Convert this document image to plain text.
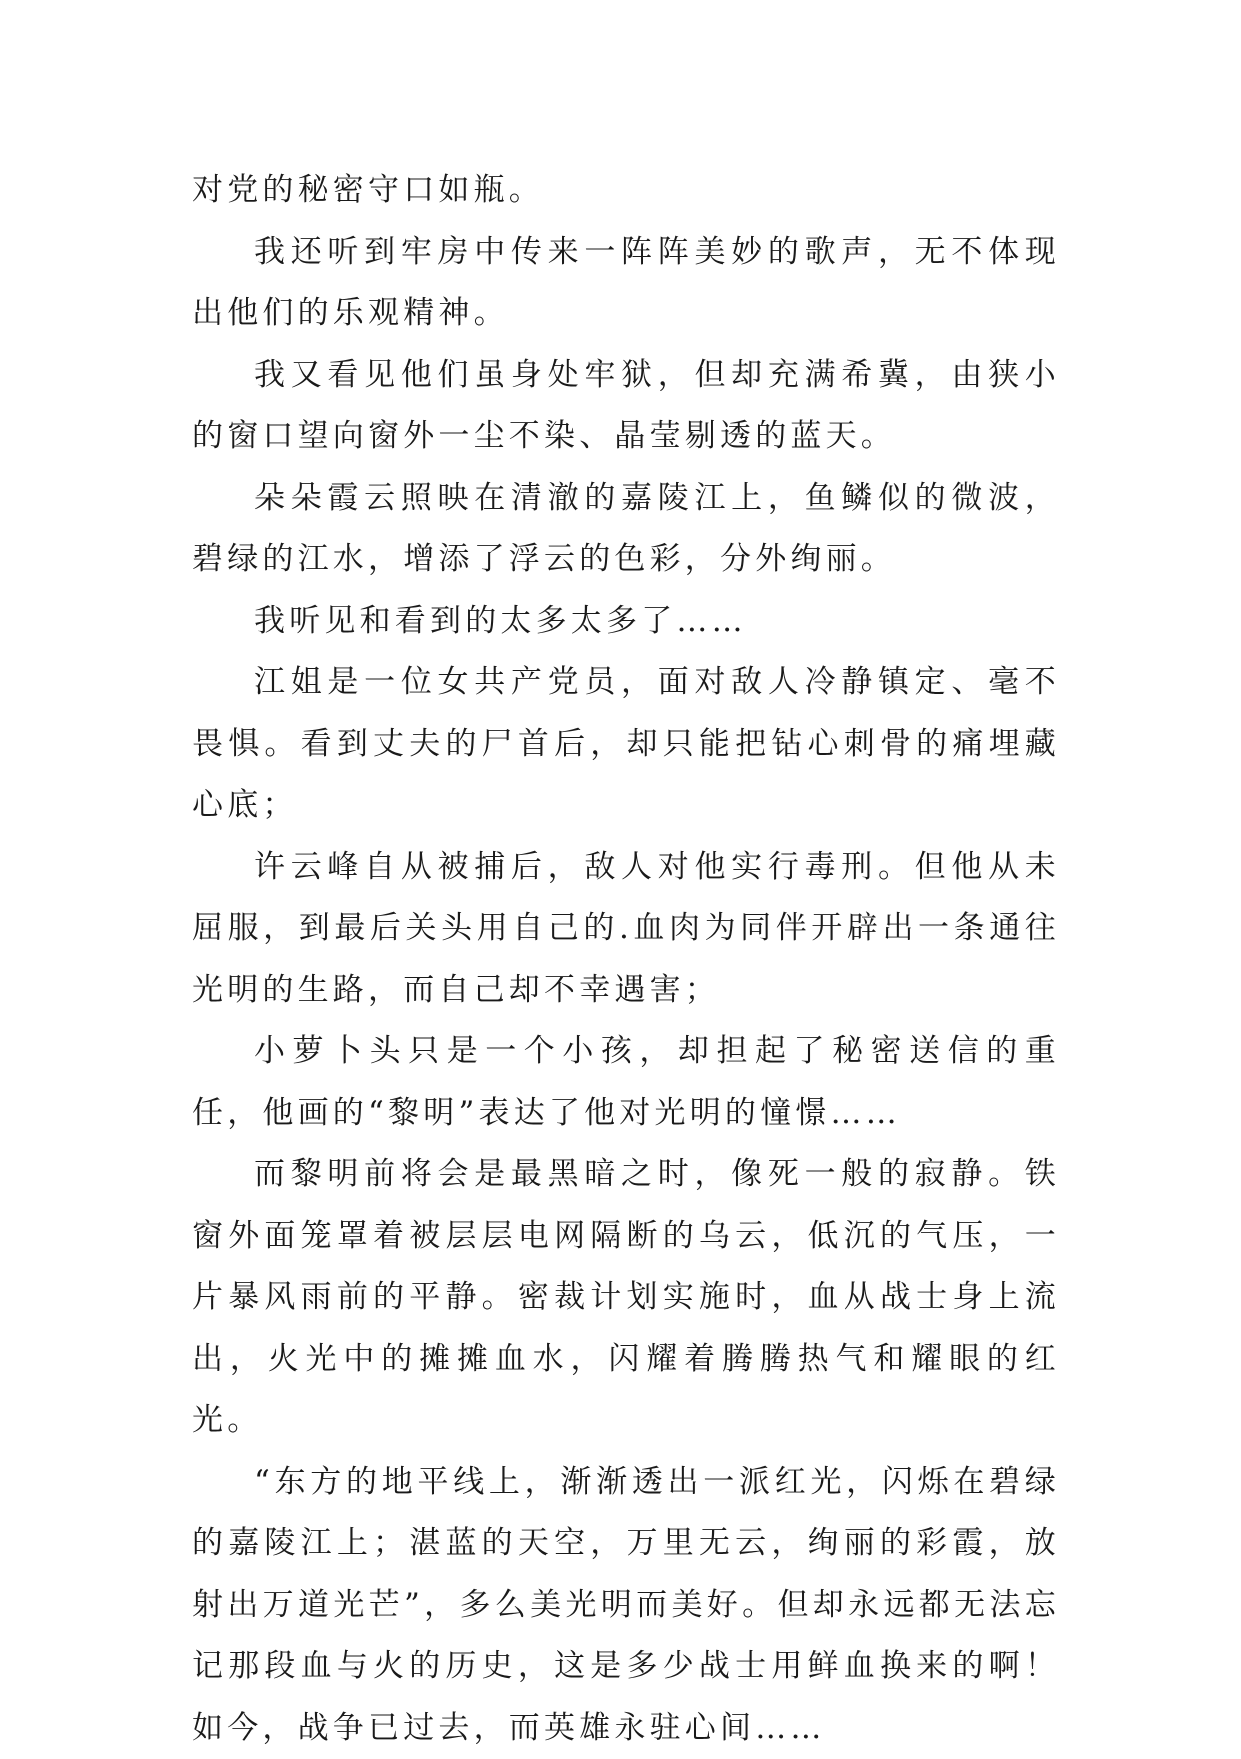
对党的秘密守口如瓶。

我还听到牢房中传来一阵阵美妙的歌声，无不体现出他们的乐观精神。

我又看见他们虽身处牢狱，但却充满希冀，由狭小的窗口望向窗外一尘不染、晶莹剔透的蓝天。

朵朵霞云照映在清澈的嘉陵江上，鱼鳞似的微波，碧绿的江水，增添了浮云的色彩，分外绚丽。

我听见和看到的太多太多了……

江姐是一位女共产党员，面对敌人冷静镇定、毫不畏惧。看到丈夫的尸首后，却只能把钻心刺骨的痛埋藏心底；

许云峰自从被捕后，敌人对他实行毒刑。但他从未屈服，到最后关头用自己的.血肉为同伴开辟出一条通往光明的生路，而自己却不幸遇害；

小萝卜头只是一个小孩，却担起了秘密送信的重任，他画的“黎明”表达了他对光明的憧憬……

而黎明前将会是最黑暗之时，像死一般的寂静。铁窗外面笼罩着被层层电网隔断的乌云，低沉的气压，一片暴风雨前的平静。密裁计划实施时，血从战士身上流出，火光中的摊摊血水，闪耀着腾腾热气和耀眼的红光。

“东方的地平线上，渐渐透出一派红光，闪烁在碧绿的嘉陵江上；湛蓝的天空，万里无云，绚丽的彩霞，放射出万道光芒”，多么美光明而美好。但却永远都无法忘记那段血与火的历史，这是多少战士用鲜血换来的啊！如今，战争已过去，而英雄永驻心间……
